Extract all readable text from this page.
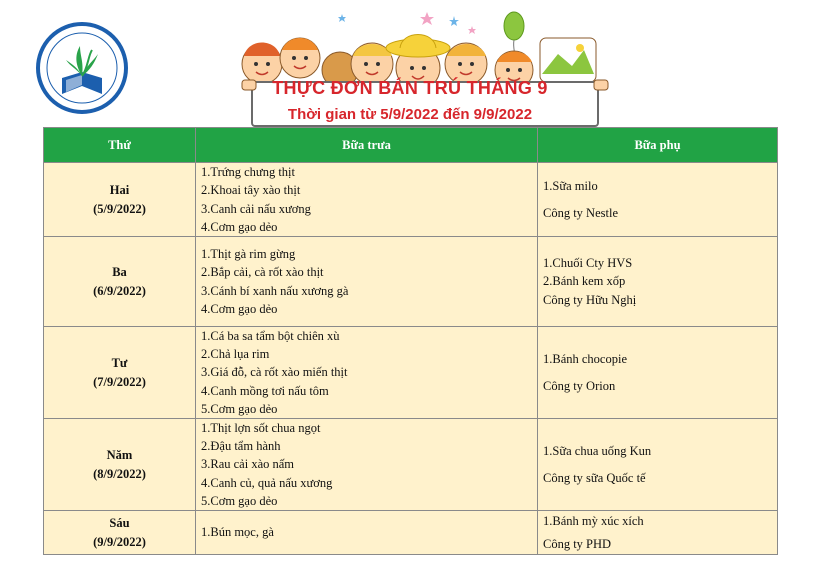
THỰC ĐƠN BÁN TRÚ THÁNG 9
Thời gian từ 5/9/2022 đến 9/9/2022
Thứ	Bữa trưa	Bữa phụ

Hai
(5/9/2022)	1.Trứng chưng thịt
2.Khoai tây xào thịt
3.Canh cải nấu xương
4.Cơm gạo dẻo	1.Sữa milo
Công ty Nestle

Ba
(6/9/2022)	1.Thịt gà rim gừng
2.Bắp cải, cà rốt xào thịt
3.Cánh bí xanh nấu xương gà
4.Cơm gạo dẻo	1.Chuối Cty HVS
2.Bánh kem xốp
Công ty Hữu Nghị

Tư
(7/9/2022)	1.Cá ba sa tẩm bột chiên xù
2.Chả lụa rim
3.Giá đỗ, cà rốt xào miến thịt
4.Canh mồng tơi nấu tôm
5.Cơm gạo dẻo	1.Bánh chocopie
Công ty Orion

Năm
(8/9/2022)	1.Thịt lợn sốt chua ngọt
2.Đậu tẩm hành
3.Rau cải xào nấm
4.Canh củ, quả nấu xương
5.Cơm gạo dẻo	1.Sữa chua uống Kun
Công ty sữa Quốc tế

Sáu
(9/9/2022)	1.Bún mọc, gà	1.Bánh mỳ xúc xích
Công ty PHD
